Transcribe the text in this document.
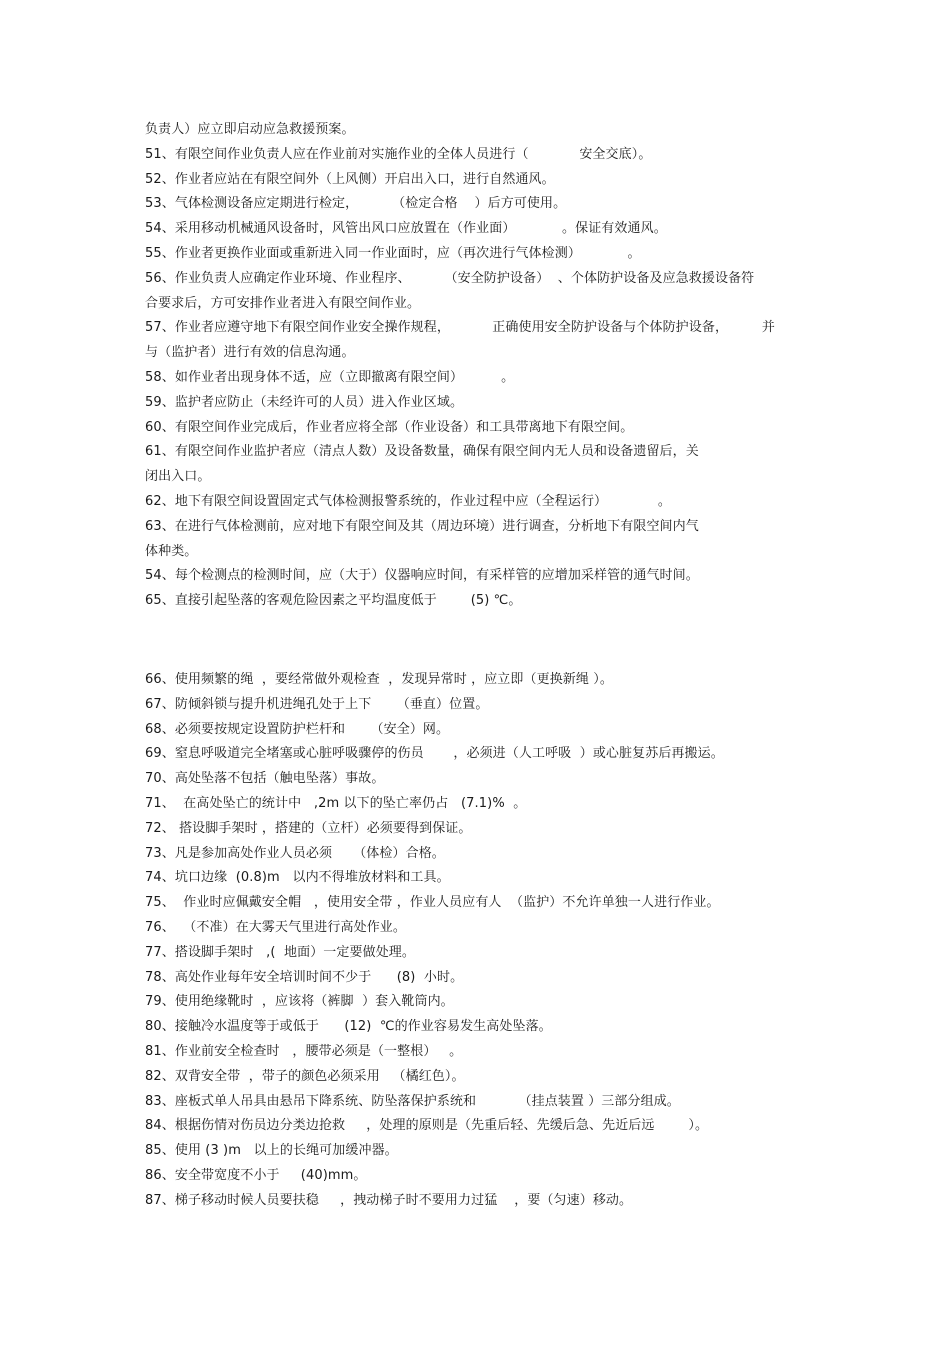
负责人）应立即启动应急救援预案。
51、有限空间作业负责人应在作业前对实施作业的全体人员进行（            安全交底）。
52、作业者应站在有限空间外（上风侧）开启出入口，进行自然通风。
53、气体检测设备应定期进行检定，        （检定合格    ）后方可使用。
54、采用移动机械通风设备时，风管出风口应放置在（作业面）           。保证有效通风。
55、作业者更换作业面或重新进入同一作业面时，应（再次进行气体检测）           。
56、作业负责人应确定作业环境、作业程序、        （安全防护设备）  、个体防护设备及应急救援设备符
合要求后，方可安排作业者进入有限空间作业。
57、作业者应遵守地下有限空间作业安全操作规程，          正确使用安全防护设备与个体防护设备，        并
与（监护者）进行有效的信息沟通。
58、如作业者出现身体不适，应（立即撤离有限空间）         。
59、监护者应防止（未经许可的人员）进入作业区域。
60、有限空间作业完成后，作业者应将全部（作业设备）和工具带离地下有限空间。
61、有限空间作业监护者应（清点人数）及设备数量，确保有限空间内无人员和设备遗留后，关
闭出入口。
62、地下有限空间设置固定式气体检测报警系统的，作业过程中应（全程运行）            。
63、在进行气体检测前，应对地下有限空间及其（周边环境）进行调查，分析地下有限空间内气
体种类。
54、每个检测点的检测时间，应（大于）仪器响应时间，有采样管的应增加采样管的通气时间。
65、直接引起坠落的客观危险因素之平均温度低于        (5) ℃。
66、使用频繁的绳  ，要经常做外观检查  ，发现异常时 ，应立即（更换新绳 ）。
67、防倾斜锁与提升机进绳孔处于上下      （垂直）位置。
68、必须要按规定设置防护栏杆和      （安全）网。
69、窒息呼吸道完全堵塞或心脏呼吸骤停的伤员       ，必须进（人工呼吸  ）或心脏复苏后再搬运。
70、高处坠落不包括（触电坠落）事故。
71、  在高处坠亡的统计中   ,2m 以下的坠亡率仍占   (7.1)%  。
72、 搭设脚手架时 ，搭建的（立杆）必须要得到保证。
73、凡是参加高处作业人员必须     （体检）合格。
74、坑口边缘  (0.8)m   以内不得堆放材料和工具。
75、  作业时应佩戴安全帽   ，使用安全带 ，作业人员应有人  （监护）不允许单独一人进行作业。
76、  （不准）在大雾天气里进行高处作业。
77、搭设脚手架时   ,(  地面）一定要做处理。
78、高处作业每年安全培训时间不少于      (8)  小时。
79、使用绝缘靴时  ，应该将（裤脚  ）套入靴筒内。
80、接触冷水温度等于或低于      (12)  ℃的作业容易发生高处坠落。
81、作业前安全检查时   ，腰带必须是（一整根）   。
82、双背安全带  ，带子的颜色必须采用   （橘红色）。
83、座板式单人吊具由悬吊下降系统、防坠落保护系统和          （挂点装置 ）三部分组成。
84、根据伤情对伤员边分类边抢救     ，处理的原则是（先重后轻、先缓后急、先近后远        ）。
85、使用 (3 )m   以上的长绳可加缓冲器。
86、安全带宽度不小于     (40)mm。
87、梯子移动时候人员要扶稳     ，拽动梯子时不要用力过猛    ，要（匀速）移动。
